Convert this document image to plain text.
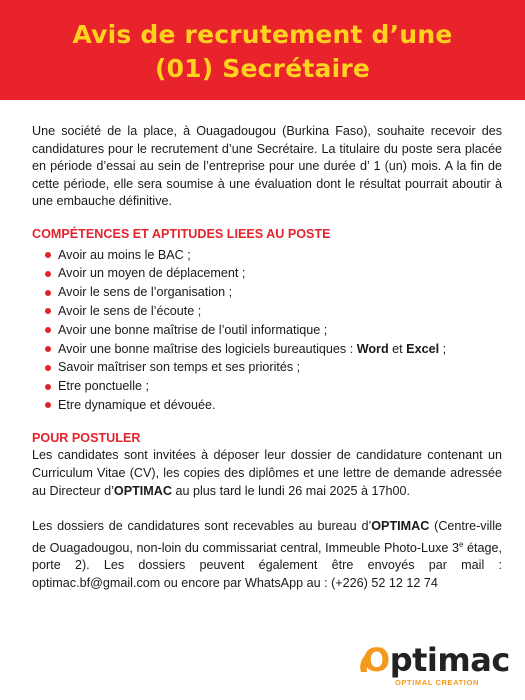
Avis de recrutement d’une
(01) Secrétaire

Une société de la place, à Ouagadougou (Burkina Faso), souhaite recevoir des candidatures pour le recrutement d’une Secrétaire. La titulaire du poste sera placée en période d’essai au sein de l’entreprise pour une durée d’ 1 (un) mois. A la fin de cette période, elle sera soumise à une évaluation dont le résultat pourrait aboutir à une embauche définitive.

COMPÉTENCES ET APTITUDES LIEES AU POSTE

Avoir au moins le BAC ;
Avoir un moyen de déplacement ;
Avoir le sens de l’organisation ;
Avoir le sens de l’écoute ;
Avoir une bonne maîtrise de l’outil informatique ;
Avoir une bonne maîtrise des logiciels bureautiques : Word et Excel ;
Savoir maîtriser son temps et ses priorités ;
Etre ponctuelle ;
Etre dynamique et dévouée.

POUR POSTULER

Les candidates sont invitées à déposer leur dossier de candidature contenant un Curriculum Vitae (CV), les copies des diplômes et une lettre de demande adressée au Directeur d’OPTIMAC au plus tard le lundi 26 mai 2025 à 17h00.

Les dossiers de candidatures sont recevables au bureau d’OPTIMAC (Centre-ville de Ouagadougou, non-loin du commissariat central, Immeuble Photo-Luxe 3e étage, porte 2). Les dossiers peuvent également être envoyés par mail : optimac.bf@gmail.com ou encore par WhatsApp au : (+226) 52 12 12 74

Optimac
OPTIMAL CREATION
